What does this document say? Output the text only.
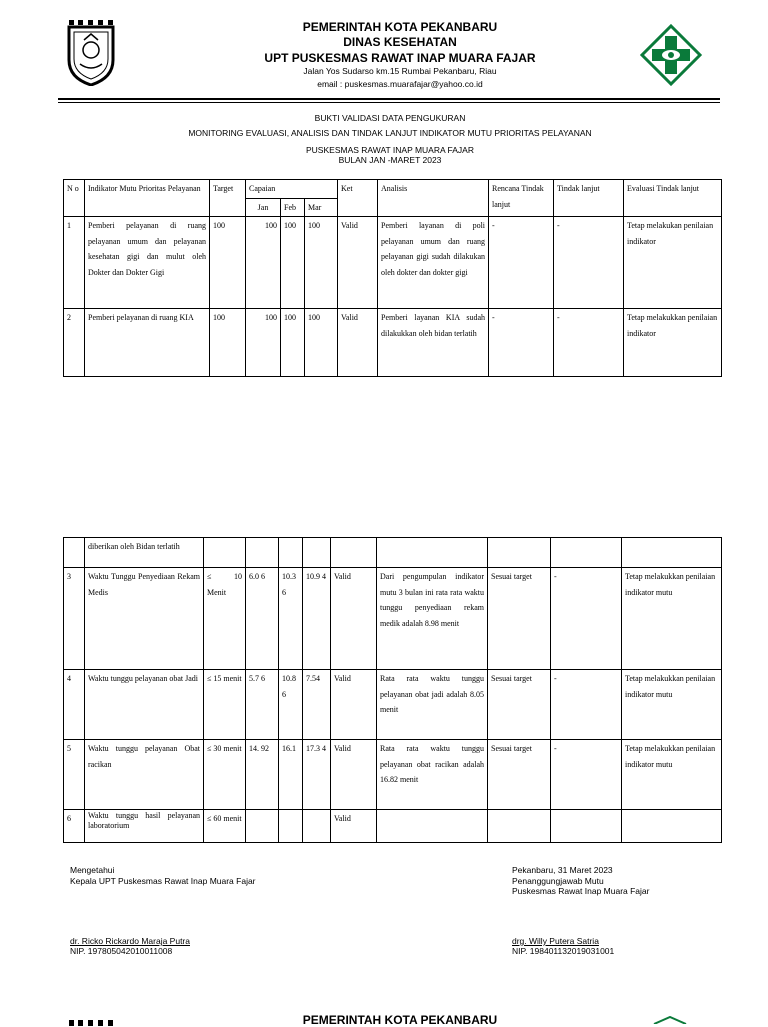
PEMERINTAH KOTA PEKANBARU
DINAS KESEHATAN
UPT PUSKESMAS RAWAT INAP MUARA FAJAR
Jalan Yos Sudarso km.15 Rumbai Pekanbaru, Riau
email : puskesmas.muarafajar@yahoo.co.id
BUKTI VALIDASI DATA PENGUKURAN
MONITORING EVALUASI, ANALISIS DAN TINDAK LANJUT INDIKATOR MUTU PRIORITAS PELAYANAN
PUSKESMAS RAWAT INAP MUARA FAJAR
BULAN JAN -MARET 2023
N o	Indikator Mutu Prioritas Pelayanan	Target	Capaian			Ket	Analisis	Rencana Tindak lanjut	Tindak lanjut	Evaluasi Tindak lanjut
			Jan	Feb	Mar					
1	Pemberi pelayanan di ruang pelayanan umum dan pelayanan kesehatan gigi dan mulut oleh Dokter dan Dokter Gigi	100	100	100	100	Valid	Pemberi layanan di poli pelayanan umum dan ruang pelayanan gigi sudah dilakukan oleh dokter dan dokter gigi	-	-	Tetap melakukan penilaian indikator
2	Pemberi pelayanan di ruang KIA	100	100	100	100	Valid	Pemberi layanan KIA sudah dilakukkan oleh bidan terlatih	-	-	Tetap melakukkan penilaian indikator
	diberikan oleh Bidan terlatih									
3	Waktu Tunggu Penyediaan Rekam Medis	≤ 10 Menit	6.0 6	10.3 6	10.9 4	Valid	Dari pengumpulan indikator mutu 3 bulan ini rata rata waktu tunggu penyediaan rekam medik adalah 8.98 menit	Sesuai target	-	Tetap melakukkan penilaian indikator mutu
4	Waktu tunggu pelayanan obat Jadi	≤ 15 menit	5.7 6	10.8 6	7.54	Valid	Rata rata waktu tunggu pelayanan obat jadi adalah 8.05 menit	Sesuai target	-	Tetap melakukkan penilaian indikator mutu
5	Waktu tunggu pelayanan Obat racikan	≤ 30 menit	14. 92	16.1	17.3 4	Valid	Rata rata waktu tunggu pelayanan obat racikan adalah 16.82 menit	Sesuai target	-	Tetap melakukkan penilaian indikator mutu
6	Waktu tunggu hasil pelayanan laboratorium	≤ 60 menit				Valid				
Mengetahui
Kepala UPT Puskesmas Rawat Inap Muara Fajar
dr. Ricko Rickardo Maraja Putra
NIP. 197805042010011008
Pekanbaru, 31 Maret 2023
Penanggungjawab Mutu
Puskesmas Rawat Inap Muara Fajar
drg. Willy Putera Satria
NIP. 198401132019031001
PEMERINTAH KOTA PEKANBARU
